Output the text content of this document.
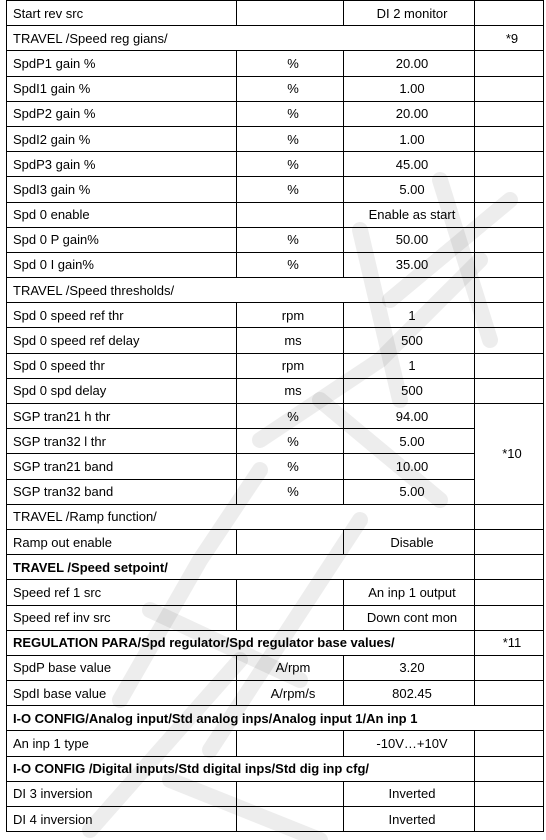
Start rev src		DI 2 monitor	
TRAVEL /Speed reg gians/			*9
SpdP1 gain %	%	20.00	
SpdI1 gain %	%	1.00	
SpdP2 gain %	%	20.00	
SpdI2 gain %	%	1.00	
SpdP3 gain %	%	45.00	
SpdI3 gain %	%	5.00	
Spd 0 enable		Enable as start	
Spd 0 P gain%	%	50.00	
Spd 0 I gain%	%	35.00	
TRAVEL /Speed thresholds/			
Spd 0 speed ref thr	rpm	1	
Spd 0 speed ref delay	ms	500	
Spd 0 speed thr	rpm	1	
Spd 0 spd delay	ms	500	
SGP tran21 h thr	%	94.00	*10
SGP tran32 l thr	%	5.00	
SGP tran21 band	%	10.00	
SGP tran32 band	%	5.00	
TRAVEL /Ramp function/			
Ramp out enable		Disable	
TRAVEL /Speed setpoint/			
Speed ref 1 src		An inp 1 output	
Speed ref inv src		Down cont mon	
REGULATION PARA/Spd regulator/Spd regulator base values/			*11
SpdP base value	A/rpm	3.20	
SpdI base value	A/rpm/s	802.45	
I-O CONFIG/Analog input/Std analog inps/Analog input 1/An inp 1			
An inp 1 type		-10V…+10V	
I-O CONFIG /Digital inputs/Std digital inps/Std dig inp cfg/			
DI 3 inversion		Inverted	
DI 4 inversion		Inverted	
